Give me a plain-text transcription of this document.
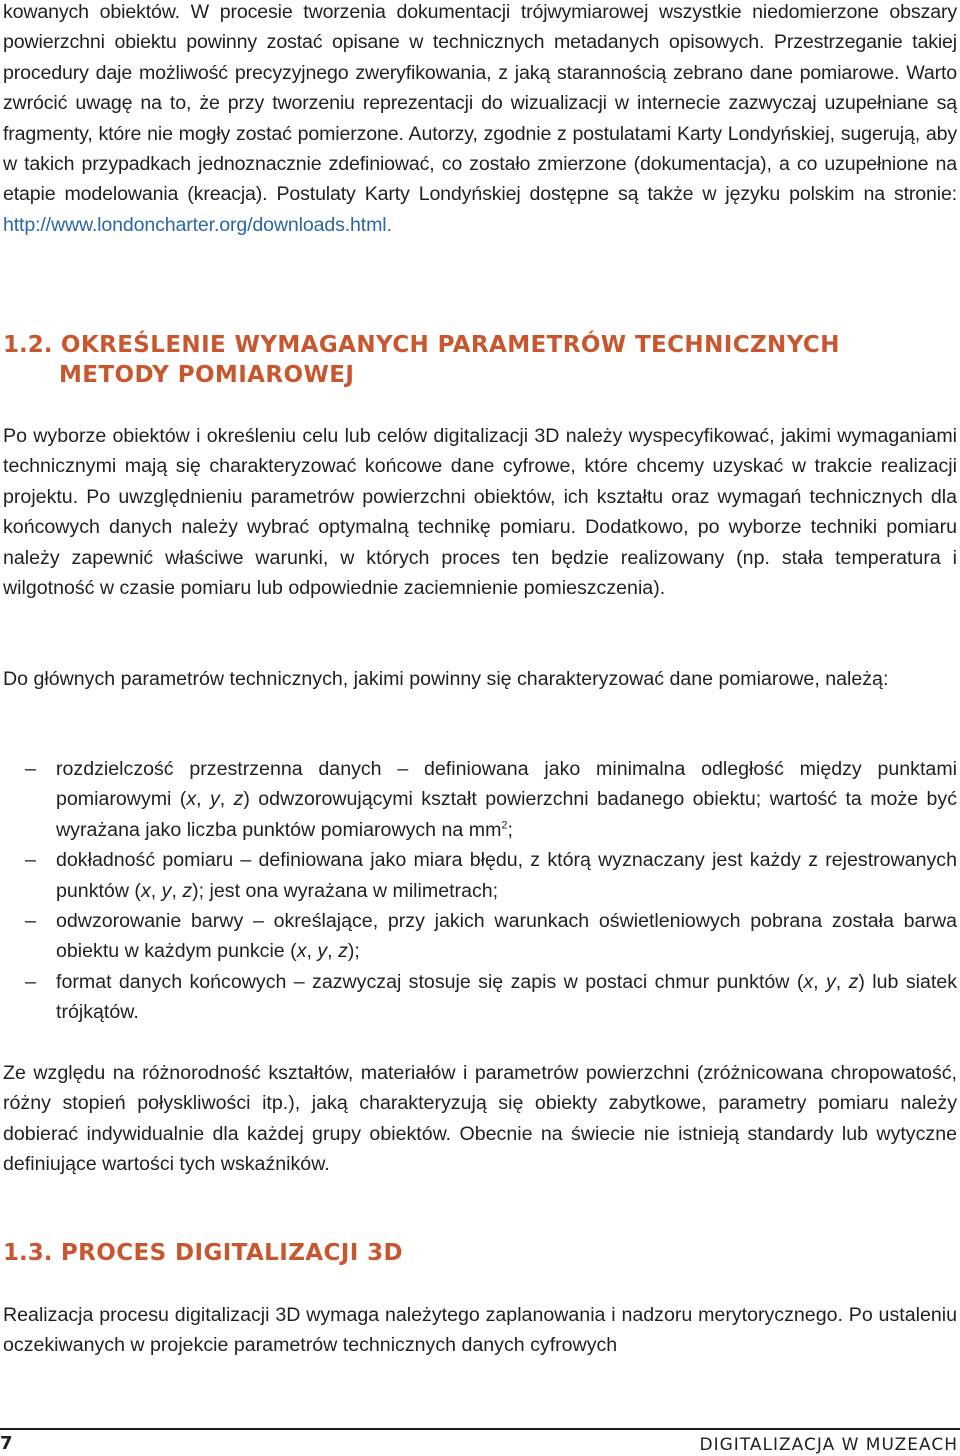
kowanych obiektów. W procesie tworzenia dokumentacji trójwymiarowej wszystkie niedomierzone obszary powierzchni obiektu powinny zostać opisane w technicznych metadanych opisowych. Przestrzeganie takiej procedury daje możliwość precyzyjnego zweryfikowania, z jaką starannością zebrano dane pomiarowe. Warto zwrócić uwagę na to, że przy tworzeniu reprezentacji do wizualizacji w internecie zazwyczaj uzupełniane są fragmenty, które nie mogły zostać pomierzone. Autorzy, zgodnie z postulatami Karty Londyńskiej, sugerują, aby w takich przypadkach jednoznacznie zdefiniować, co zostało zmierzone (dokumentacja), a co uzupełnione na etapie modelowania (kreacja). Postulaty Karty Londyńskiej dostępne są także w języku polskim na stronie: http://www.londoncharter.org/downloads.html.

1.2. OKREŚLENIE WYMAGANYCH PARAMETRÓW TECHNICZNYCH
METODY POMIAROWEJ

Po wyborze obiektów i określeniu celu lub celów digitalizacji 3D należy wyspecyfikować, jakimi wymaganiami technicznymi mają się charakteryzować końcowe dane cyfrowe, które chcemy uzyskać w trakcie realizacji projektu. Po uwzględnieniu parametrów powierzchni obiektów, ich kształtu oraz wymagań technicznych dla końcowych danych należy wybrać optymalną technikę pomiaru. Dodatkowo, po wyborze techniki pomiaru należy zapewnić właściwe warunki, w których proces ten będzie realizowany (np. stała temperatura i wilgotność w czasie pomiaru lub odpowiednie zaciemnienie pomieszczenia).

Do głównych parametrów technicznych, jakimi powinny się charakteryzować dane pomiarowe, należą:

– rozdzielczość przestrzenna danych – definiowana jako minimalna odległość między punktami pomiarowymi (x, y, z) odwzorowującymi kształt powierzchni badanego obiektu; wartość ta może być wyrażana jako liczba punktów pomiarowych na $mm^2$;
– dokładność pomiaru – definiowana jako miara błędu, z którą wyznaczany jest każdy z rejestrowanych punktów (x, y, z); jest ona wyrażana w milimetrach;
– odwzorowanie barwy – określające, przy jakich warunkach oświetleniowych pobrana została barwa obiektu w każdym punkcie (x, y, z);
– format danych końcowych – zazwyczaj stosuje się zapis w postaci chmur punktów (x, y, z) lub siatek trójkątów.

Ze względu na różnorodność kształtów, materiałów i parametrów powierzchni (zróżnicowana chropowatość, różny stopień połyskliwości itp.), jaką charakteryzują się obiekty zabytkowe, parametry pomiaru należy dobierać indywidualnie dla każdej grupy obiektów. Obecnie na świecie nie istnieją standardy lub wytyczne definiujące wartości tych wskaźników.

1.3. PROCES DIGITALIZACJI 3D

Realizacja procesu digitalizacji 3D wymaga należytego zaplanowania i nadzoru merytorycznego. Po ustaleniu oczekiwanych w projekcie parametrów technicznych danych cyfrowych

7	DIGITALIZACJA W MUZEACH
